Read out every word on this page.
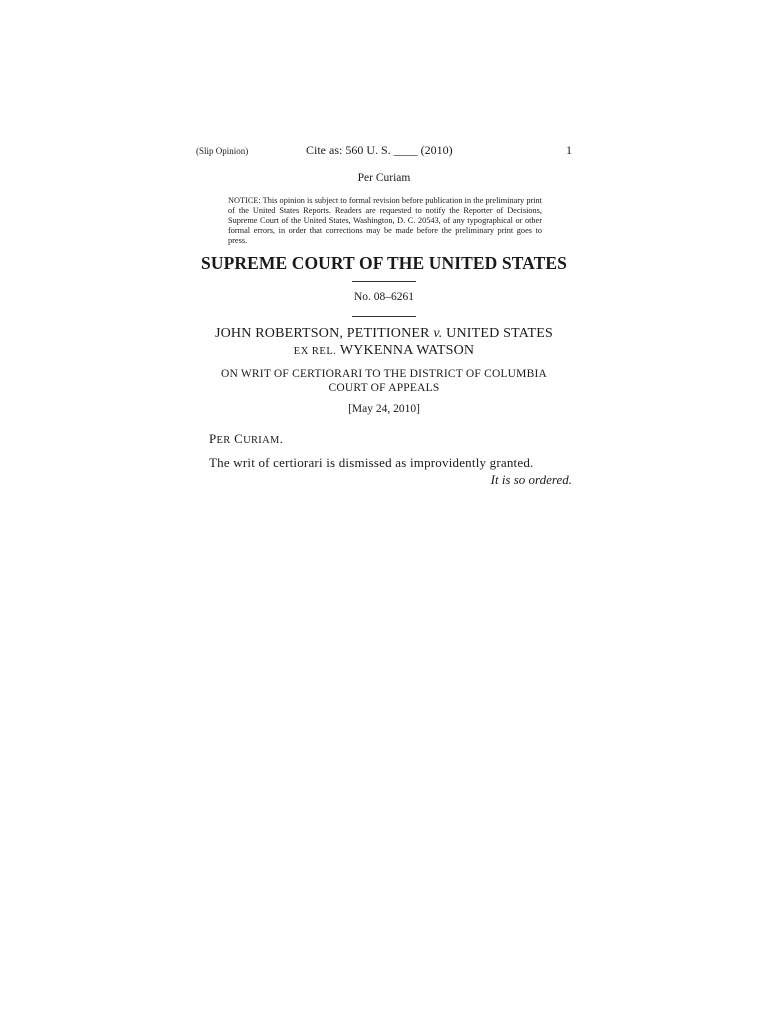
(Slip Opinion)	Cite as: 560 U. S. ____ (2010)	1
Per Curiam
NOTICE: This opinion is subject to formal revision before publication in the preliminary print of the United States Reports. Readers are requested to notify the Reporter of Decisions, Supreme Court of the United States, Washington, D. C. 20543, of any typographical or other formal errors, in order that corrections may be made before the preliminary print goes to press.
SUPREME COURT OF THE UNITED STATES
No. 08–6261
JOHN ROBERTSON, PETITIONER v. UNITED STATES
EX REL. WYKENNA WATSON
ON WRIT OF CERTIORARI TO THE DISTRICT OF COLUMBIA
COURT OF APPEALS
[May 24, 2010]
PER CURIAM.
The writ of certiorari is dismissed as improvidently granted.
It is so ordered.
